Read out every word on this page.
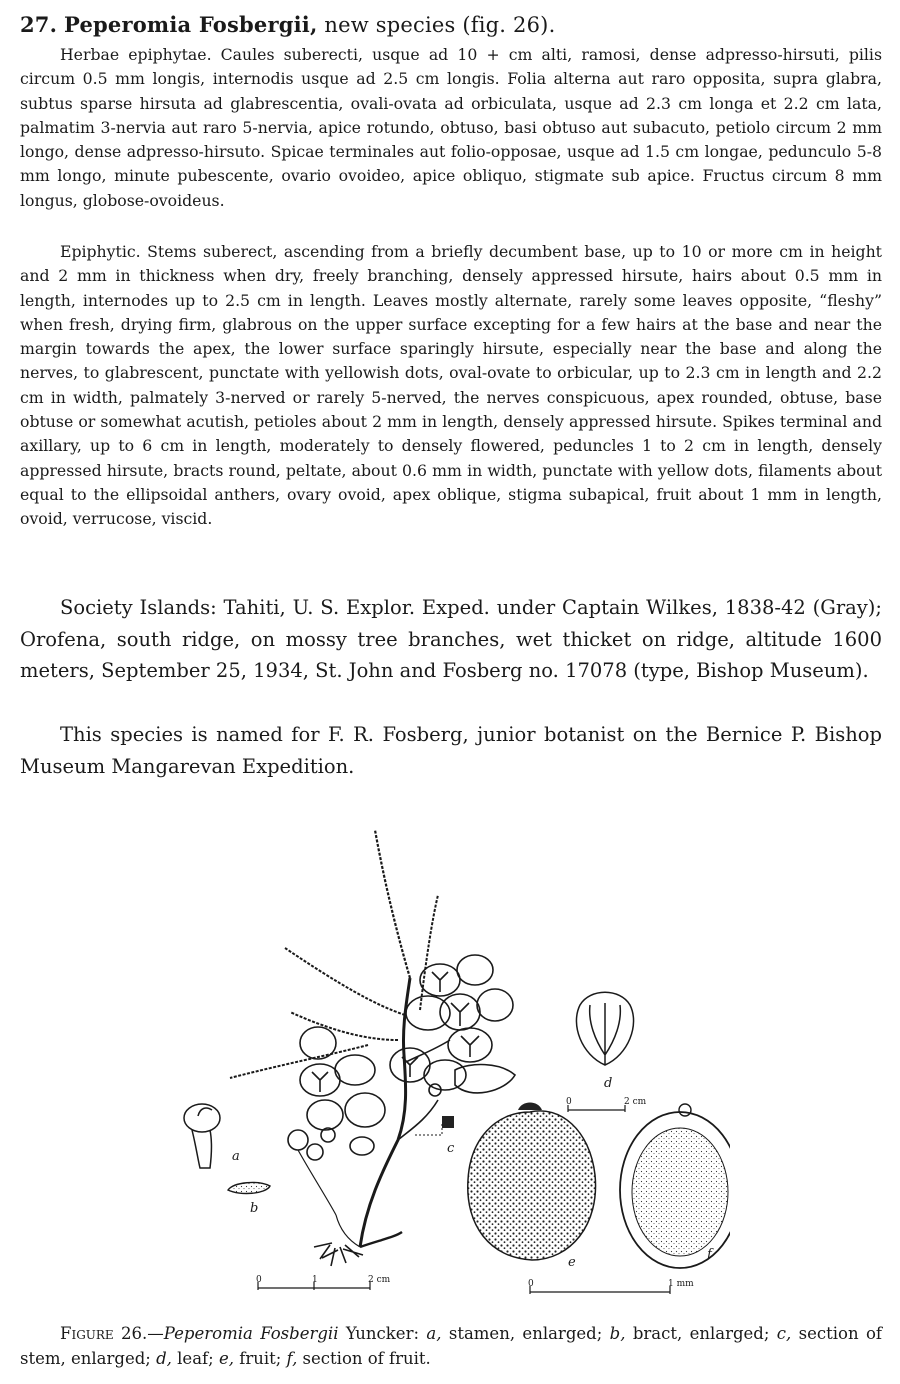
27. Peperomia Fosbergii, new species (fig. 26).

Herbae epiphytae. Caules suberecti, usque ad 10 + cm alti, ramosi, dense adpresso-hirsuti, pilis circum 0.5 mm longis, internodis usque ad 2.5 cm longis. Folia alterna aut raro opposita, supra glabra, subtus sparse hirsuta ad glabrescentia, ovali-ovata ad orbiculata, usque ad 2.3 cm longa et 2.2 cm lata, palmatim 3-nervia aut raro 5-nervia, apice rotundo, obtuso, basi obtuso aut subacuto, petiolo circum 2 mm longo, dense adpresso-hirsuto. Spicae terminales aut folio-opposae, usque ad 1.5 cm longae, pedunculo 5-8 mm longo, minute pubescente, ovario ovoideo, apice obliquo, stigmate sub apice. Fructus circum 8 mm longus, globose-ovoideus.

Epiphytic. Stems suberect, ascending from a briefly decumbent base, up to 10 or more cm in height and 2 mm in thickness when dry, freely branching, densely appressed hirsute, hairs about 0.5 mm in length, internodes up to 2.5 cm in length. Leaves mostly alternate, rarely some leaves opposite, “fleshy” when fresh, drying firm, glabrous on the upper surface excepting for a few hairs at the base and near the margin towards the apex, the lower surface sparingly hirsute, especially near the base and along the nerves, to glabrescent, punctate with yellowish dots, oval-ovate to orbicular, up to 2.3 cm in length and 2.2 cm in width, palmately 3-nerved or rarely 5-nerved, the nerves conspicuous, apex rounded, obtuse, base obtuse or somewhat acutish, petioles about 2 mm in length, densely appressed hirsute. Spikes terminal and axillary, up to 6 cm in length, moderately to densely flowered, peduncles 1 to 2 cm in length, densely appressed hirsute, bracts round, peltate, about 0.6 mm in width, punctate with yellow dots, filaments about equal to the ellipsoidal anthers, ovary ovoid, apex oblique, stigma subapical, fruit about 1 mm in length, ovoid, verrucose, viscid.

Society Islands: Tahiti, U. S. Explor. Exped. under Captain Wilkes, 1838-42 (Gray); Orofena, south ridge, on mossy tree branches, wet thicket on ridge, altitude 1600 meters, September 25, 1934, St. John and Fosberg no. 17078 (type, Bishop Museum).

This species is named for F. R. Fosberg, junior botanist on the Bernice P. Bishop Museum Mangarevan Expedition.

a
b
c
d
0	2 cm
e
f
0	1	2 cm	0	1 mm

Figure 26.—Peperomia Fosbergii Yuncker: a, stamen, enlarged; b, bract, enlarged; c, section of stem, enlarged; d, leaf; e, fruit; f, section of fruit.
